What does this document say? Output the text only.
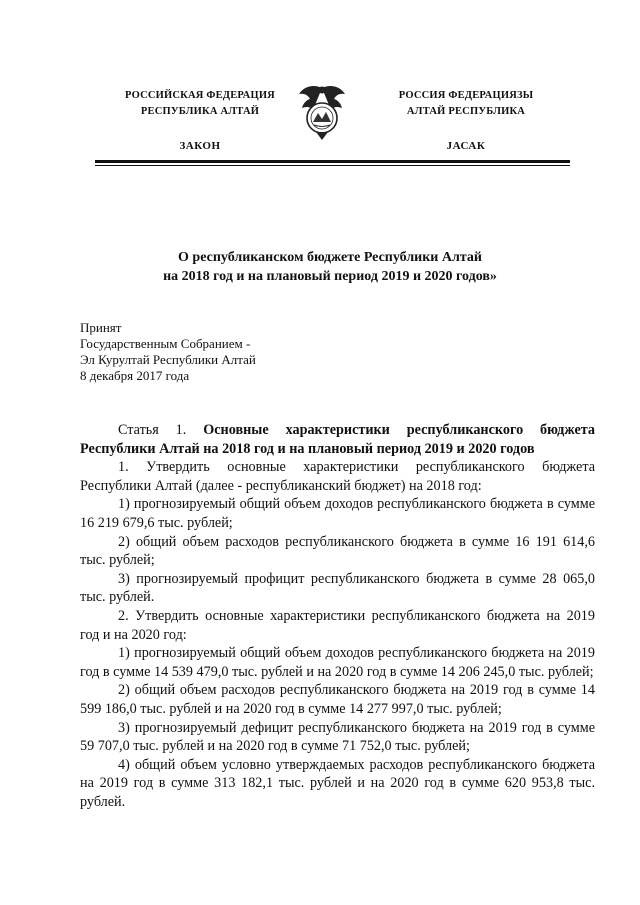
РОССИЙСКАЯ ФЕДЕРАЦИЯ
РЕСПУБЛИКА АЛТАЙ
ЗАКОН
РОССИЯ ФЕДЕРАЦИЯЗЫ
АЛТАЙ РЕСПУБЛИКА
ЈАСАК
О республиканском бюджете Республики Алтай
на 2018 год и на плановый период 2019 и 2020 годов»
Принят
Государственным Собранием -
Эл Курултай Республики Алтай
8 декабря 2017 года

Статья 1. Основные характеристики республиканского бюджета Республики Алтай на 2018 год и на плановый период 2019 и 2020 годов

1. Утвердить основные характеристики республиканского бюджета Республики Алтай (далее - республиканский бюджет) на 2018 год:

1) прогнозируемый общий объем доходов республиканского бюджета в сумме 16 219 679,6 тыс. рублей;

2) общий объем расходов республиканского бюджета в сумме 16 191 614,6 тыс. рублей;

3) прогнозируемый профицит республиканского бюджета в сумме 28 065,0 тыс. рублей.

2. Утвердить основные характеристики республиканского бюджета на 2019 год и на 2020 год:

1) прогнозируемый общий объем доходов республиканского бюджета на 2019 год в сумме 14 539 479,0 тыс. рублей и на 2020 год в сумме 14 206 245,0 тыс. рублей;

2) общий объем расходов республиканского бюджета на 2019 год в сумме 14 599 186,0 тыс. рублей и на 2020 год в сумме 14 277 997,0 тыс. рублей;

3) прогнозируемый дефицит республиканского бюджета на 2019 год в сумме 59 707,0 тыс. рублей и на 2020 год в сумме 71 752,0 тыс. рублей;

4) общий объем условно утверждаемых расходов республиканского бюджета на 2019 год в сумме 313 182,1 тыс. рублей и на 2020 год в сумме 620 953,8 тыс. рублей.
